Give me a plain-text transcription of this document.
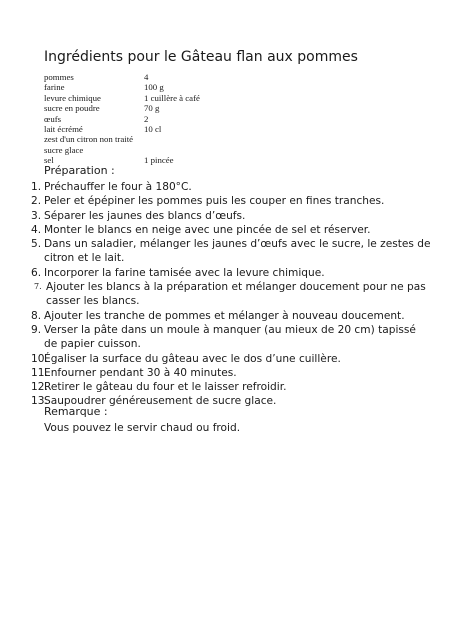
Ingrédients pour le Gâteau flan aux pommes
pommes	4
farine	100 g
levure chimique	1 cuillère à café
sucre en poudre	70 g
œufs	2
lait écrémé	10 cl
zest d'un citron non traité
sucre glace
sel	1 pincée
Préparation :
1. Préchauffer le four à 180°C.
2. Peler et épépiner les pommes puis les couper en fines tranches.
3. Séparer les jaunes des blancs d’œufs.
4. Monter le blancs en neige avec une pincée de sel et réserver.
5. Dans un saladier, mélanger les jaunes d’œufs avec le sucre, le zestes de citron et le lait.
6. Incorporer la farine tamisée avec la levure chimique.
7. Ajouter les blancs à la préparation et mélanger doucement pour ne pas casser les blancs.
8. Ajouter les tranche de pommes et mélanger à nouveau doucement.
9. Verser la pâte dans un moule à manquer (au mieux de 20 cm) tapissé de papier cuisson.
10.
Égaliser la surface du gâteau avec le dos d’une cuillère.
11.
Enfourner pendant 30 à 40 minutes.
12.
Retirer le gâteau du four et le laisser refroidir.
13.
Saupoudrer généreusement de sucre glace.
Remarque :
Vous pouvez le servir chaud ou froid.
